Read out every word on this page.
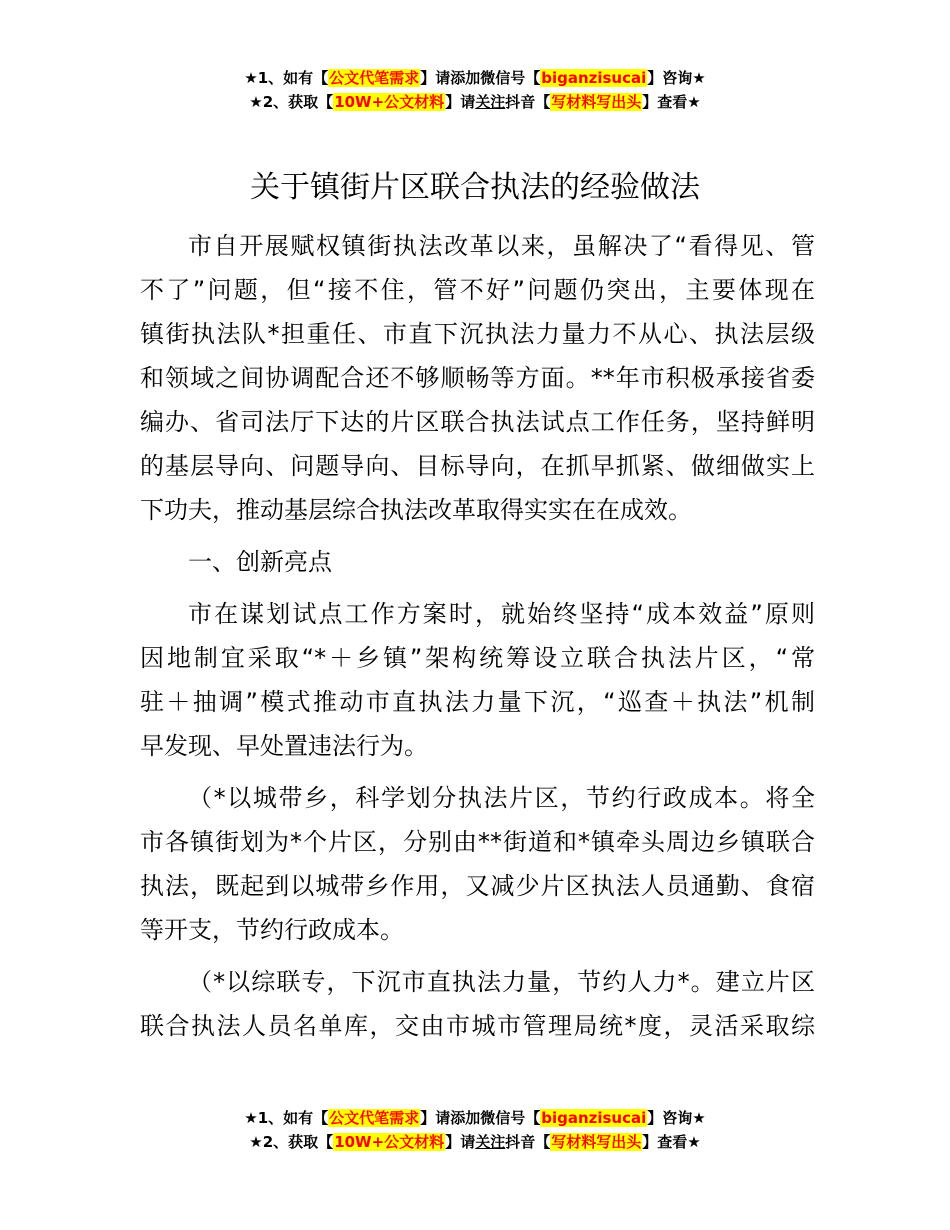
★1、如有【公文代笔需求】请添加微信号【biganzisucai】咨询★
★2、获取【10W+公文材料】请关注抖音【写材料写出头】查看★
关于镇街片区联合执法的经验做法
市自开展赋权镇街执法改革以来，虽解决了“看得见、管
不了”问题，但“接不住，管不好”问题仍突出，主要体现在
镇街执法队*担重任、市直下沉执法力量力不从心、执法层级
和领域之间协调配合还不够顺畅等方面。**年市积极承接省委
编办、省司法厅下达的片区联合执法试点工作任务，坚持鲜明
的基层导向、问题导向、目标导向，在抓早抓紧、做细做实上
下功夫，推动基层综合执法改革取得实实在在成效。
一、创新亮点
市在谋划试点工作方案时，就始终坚持“成本效益”原则
因地制宜采取“*＋乡镇”架构统筹设立联合执法片区，“常
驻＋抽调”模式推动市直执法力量下沉，“巡查＋执法”机制
早发现、早处置违法行为。
（*以城带乡，科学划分执法片区，节约行政成本。将全
市各镇街划为*个片区，分别由**街道和*镇牵头周边乡镇联合
执法，既起到以城带乡作用，又减少片区执法人员通勤、食宿
等开支，节约行政成本。
（*以综联专，下沉市直执法力量，节约人力*。建立片区
联合执法人员名单库，交由市城市管理局统*度，灵活采取综
★1、如有【公文代笔需求】请添加微信号【biganzisucai】咨询★
★2、获取【10W+公文材料】请关注抖音【写材料写出头】查看★
